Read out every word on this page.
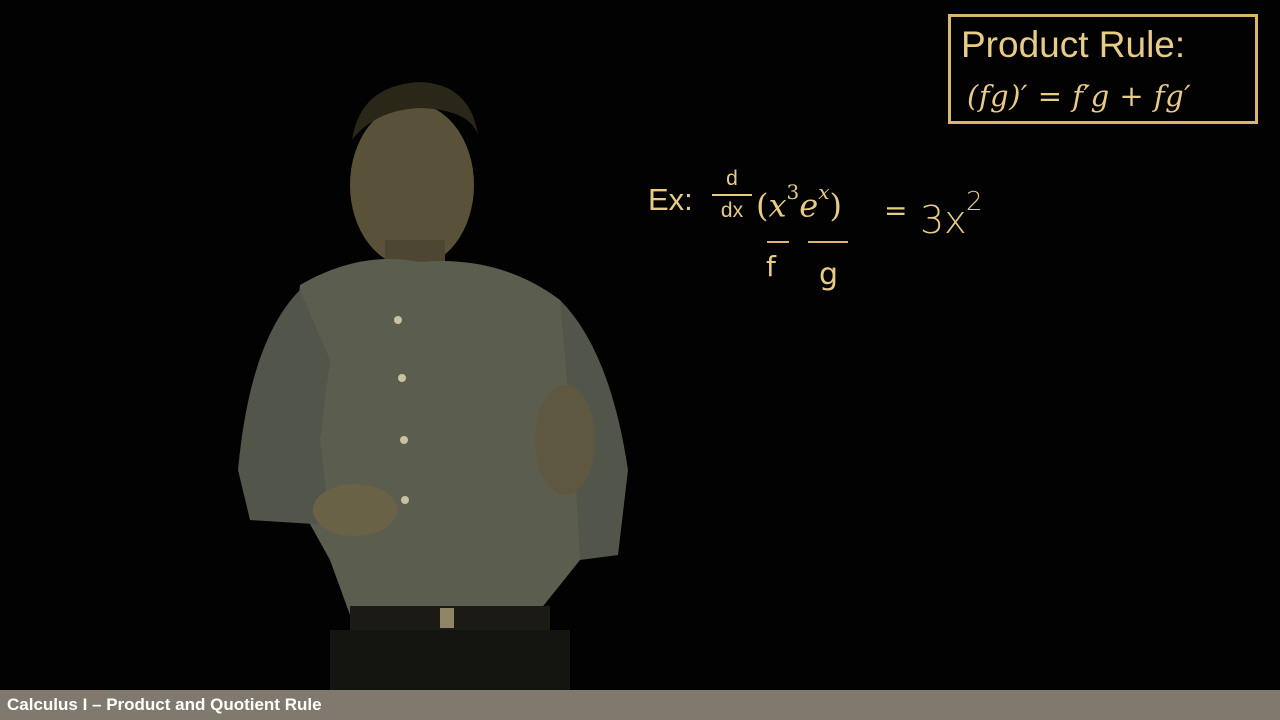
Product Rule:
(fg)′ = f′g + fg′
Ex:
d
dx $(x^3e^x) = 3x$ 2
f g
Calculus I – Product and Quotient Rule
